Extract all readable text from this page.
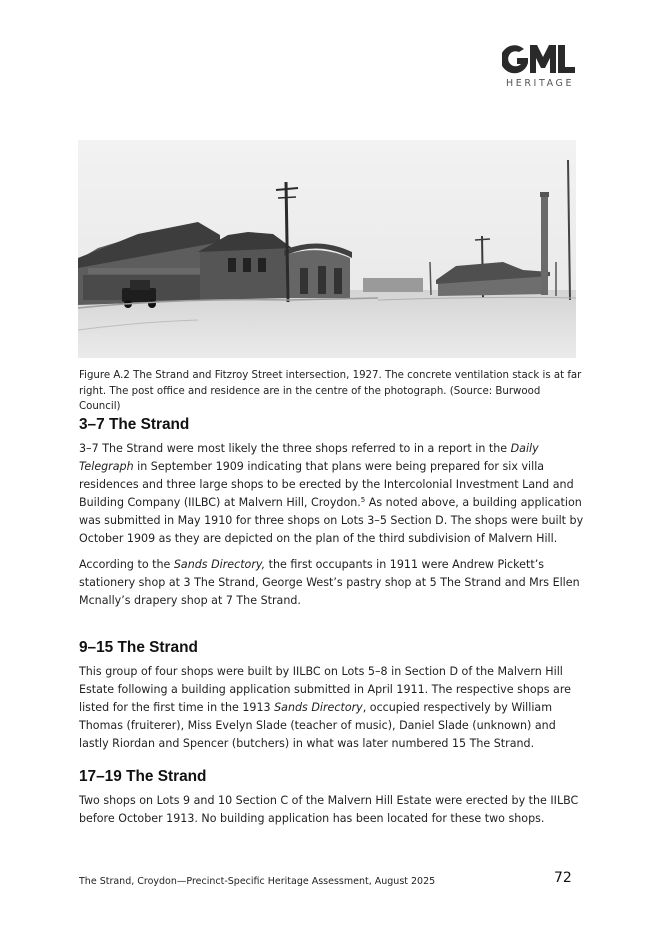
HERITAGE
Figure A.2 The Strand and Fitzroy Street intersection, 1927. The concrete ventilation stack is at far right. The post office and residence are in the centre of the photograph. (Source: Burwood Council)
3–7 The Strand

3–7 The Strand were most likely the three shops referred to in a report in the Daily Telegraph in September 1909 indicating that plans were being prepared for six villa residences and three large shops to be erected by the Intercolonial Investment Land and Building Company (IILBC) at Malvern Hill, Croydon.$^5$ As noted above, a building application was submitted in May 1910 for three shops on Lots 3–5 Section D. The shops were built by October 1909 as they are depicted on the plan of the third subdivision of Malvern Hill.

According to the Sands Directory, the first occupants in 1911 were Andrew Pickett’s stationery shop at 3 The Strand, George West’s pastry shop at 5 The Strand and Mrs Ellen Mcnally’s drapery shop at 7 The Strand.

9–15 The Strand

This group of four shops were built by IILBC on Lots 5–8 in Section D of the Malvern Hill Estate following a building application submitted in April 1911. The respective shops are listed for the first time in the 1913 Sands Directory, occupied respectively by William Thomas (fruiterer), Miss Evelyn Slade (teacher of music), Daniel Slade (unknown) and lastly Riordan and Spencer (butchers) in what was later numbered 15 The Strand.

17–19 The Strand

Two shops on Lots 9 and 10 Section C of the Malvern Hill Estate were erected by the IILBC before October 1913. No building application has been located for these two shops.

The Strand, Croydon—Precinct-Specific Heritage Assessment, August 2025	72
